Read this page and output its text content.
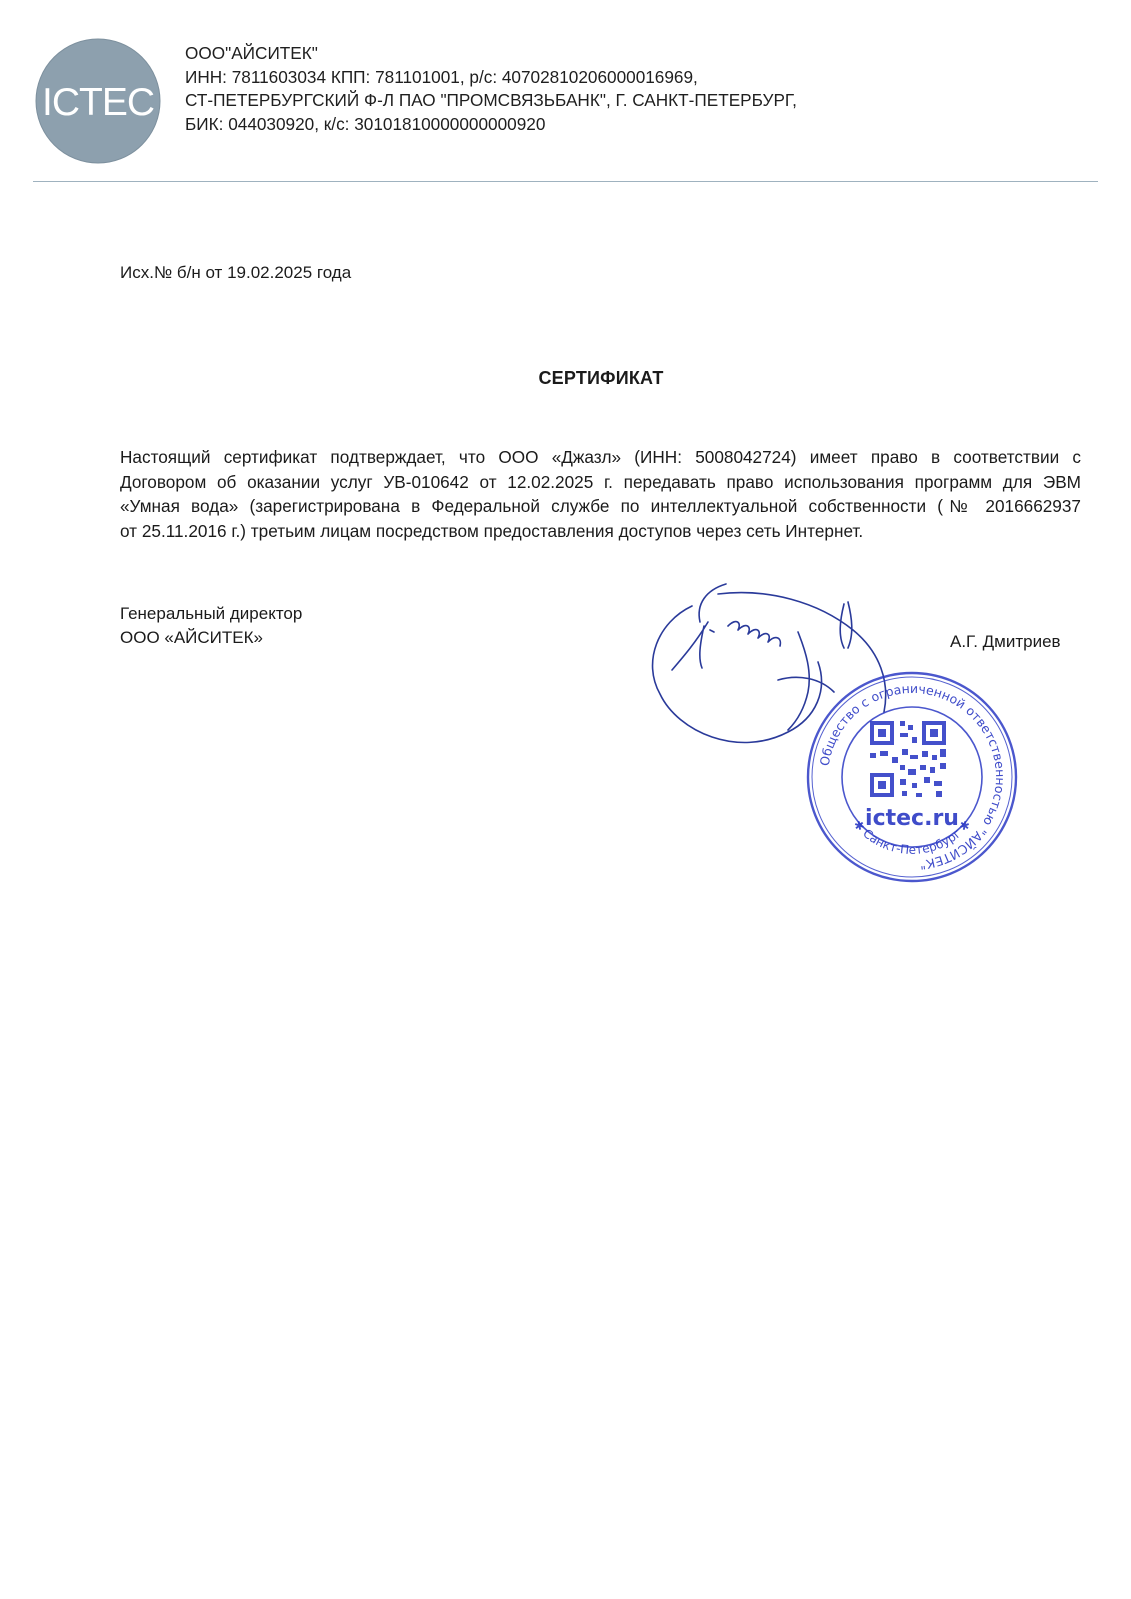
ICTEC
ООО"АЙСИТЕК"
ИНН: 7811603034 КПП: 781101001, р/с: 40702810206000016969,
СТ-ПЕТЕРБУРГСКИЙ Ф-Л ПАО "ПРОМСВЯЗЬБАНК", Г. САНКТ-ПЕТЕРБУРГ,
БИК: 044030920, к/с: 30101810000000000920
Исх.№ б/н от 19.02.2025 года
СЕРТИФИКАТ
Настоящий сертификат подтверждает, что ООО «Джазл» (ИНН: 5008042724) имеет право в соответствии с
Договором об оказании услуг УВ-010642 от 12.02.2025 г. передавать право использования программ для ЭВМ
«Умная вода» (зарегистрирована в Федеральной службе по интеллектуальной собственности (№ 2016662937
от 25.11.2016 г.) третьим лицам посредством предоставления доступов через сеть Интернет.
Генеральный директор
ООО «АЙСИТЕК»	А.Г. Дмитриев
Общество с ограниченной ответственностью "АЙСИТЕК"
✱ Санкт-Петербург ✱
ictec.ru
